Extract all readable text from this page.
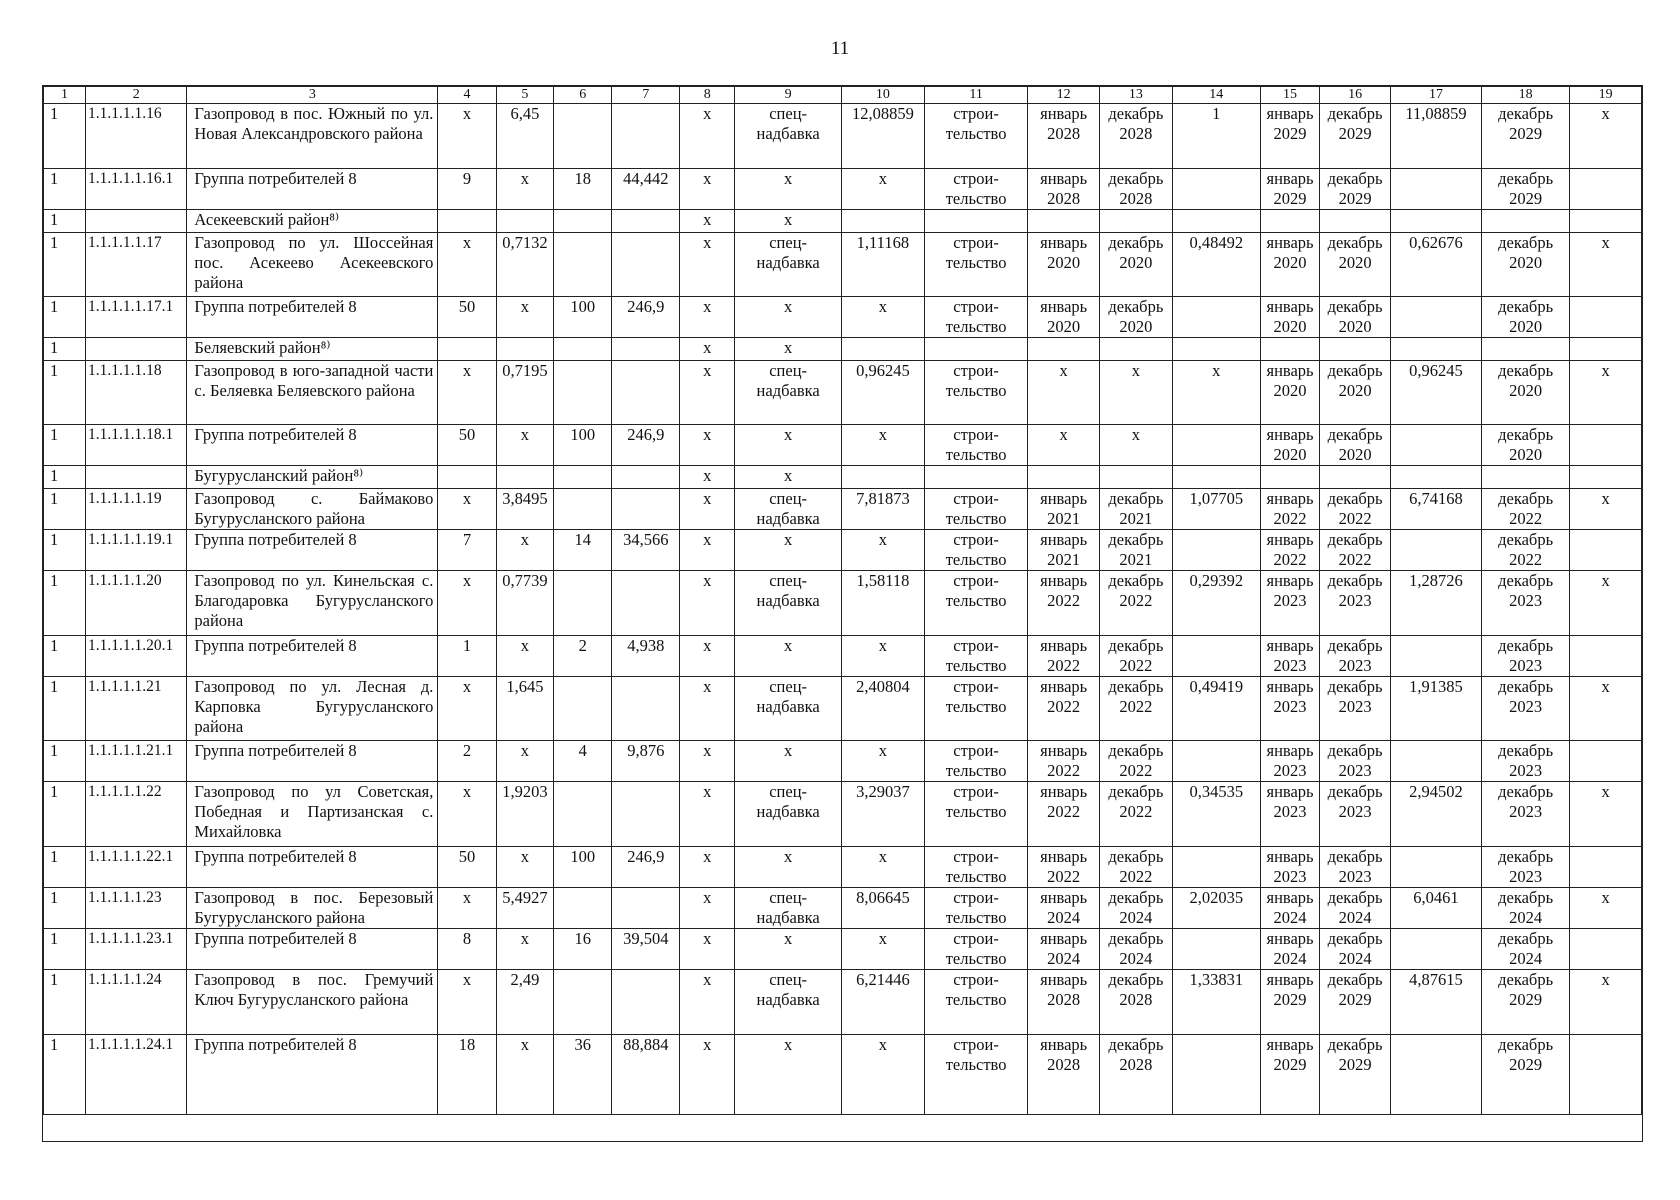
11
1	2	3	4	5	6	7	8	9	10	11	12	13	14	15	16	17	18	19
1	1.1.1.1.1.16	Газопровод в пос. Южный по ул. Новая Александровского района	x	6,45			x	спец-надбавка	12,08859	строи-тельство	январь 2028	декабрь 2028	1	январь 2029	декабрь 2029	11,08859	декабрь 2029	x
1	1.1.1.1.1.16.1	Группа потребителей 8	9	x	18	44,442	x	x	x	строи-тельство	январь 2028	декабрь 2028		январь 2029	декабрь 2029		декабрь 2029	
1		Асекеевский район⁸⁾					x	x										
1	1.1.1.1.1.17	Газопровод по ул. Шоссейная пос. Асекеево Асекеевского района	x	0,7132			x	спец-надбавка	1,11168	строи-тельство	январь 2020	декабрь 2020	0,48492	январь 2020	декабрь 2020	0,62676	декабрь 2020	x
1	1.1.1.1.1.17.1	Группа потребителей 8	50	x	100	246,9	x	x	x	строи-тельство	январь 2020	декабрь 2020		январь 2020	декабрь 2020		декабрь 2020	
1		Беляевский район⁸⁾					x	x										
1	1.1.1.1.1.18	Газопровод в юго-западной части с. Беляевка Беляевского района	x	0,7195			x	спец-надбавка	0,96245	строи-тельство	x	x	x	январь 2020	декабрь 2020	0,96245	декабрь 2020	x
1	1.1.1.1.1.18.1	Группа потребителей 8	50	x	100	246,9	x	x	x	строи-тельство	x	x		январь 2020	декабрь 2020		декабрь 2020	
1		Бугурусланский район⁸⁾					x	x										
1	1.1.1.1.1.19	Газопровод с. Баймаково Бугурусланского района	x	3,8495			x	спец-надбавка	7,81873	строи-тельство	январь 2021	декабрь 2021	1,07705	январь 2022	декабрь 2022	6,74168	декабрь 2022	x
1	1.1.1.1.1.19.1	Группа потребителей 8	7	x	14	34,566	x	x	x	строи-тельство	январь 2021	декабрь 2021		январь 2022	декабрь 2022		декабрь 2022	
1	1.1.1.1.1.20	Газопровод по ул. Кинельская с. Благодаровка Бугурусланского района	x	0,7739			x	спец-надбавка	1,58118	строи-тельство	январь 2022	декабрь 2022	0,29392	январь 2023	декабрь 2023	1,28726	декабрь 2023	x
1	1.1.1.1.1.20.1	Группа потребителей 8	1	x	2	4,938	x	x	x	строи-тельство	январь 2022	декабрь 2022		январь 2023	декабрь 2023		декабрь 2023	
1	1.1.1.1.1.21	Газопровод по ул. Лесная д. Карповка Бугурусланского района	x	1,645			x	спец-надбавка	2,40804	строи-тельство	январь 2022	декабрь 2022	0,49419	январь 2023	декабрь 2023	1,91385	декабрь 2023	x
1	1.1.1.1.1.21.1	Группа потребителей 8	2	x	4	9,876	x	x	x	строи-тельство	январь 2022	декабрь 2022		январь 2023	декабрь 2023		декабрь 2023	
1	1.1.1.1.1.22	Газопровод по ул Советская, Победная и Партизанская с. Михайловка	x	1,9203			x	спец-надбавка	3,29037	строи-тельство	январь 2022	декабрь 2022	0,34535	январь 2023	декабрь 2023	2,94502	декабрь 2023	x
1	1.1.1.1.1.22.1	Группа потребителей 8	50	x	100	246,9	x	x	x	строи-тельство	январь 2022	декабрь 2022		январь 2023	декабрь 2023		декабрь 2023	
1	1.1.1.1.1.23	Газопровод в пос. Березовый Бугурусланского района	x	5,4927			x	спец-надбавка	8,06645	строи-тельство	январь 2024	декабрь 2024	2,02035	январь 2024	декабрь 2024	6,0461	декабрь 2024	x
1	1.1.1.1.1.23.1	Группа потребителей 8	8	x	16	39,504	x	x	x	строи-тельство	январь 2024	декабрь 2024		январь 2024	декабрь 2024		декабрь 2024	
1	1.1.1.1.1.24	Газопровод в пос. Гремучий Ключ Бугурусланского района	x	2,49			x	спец-надбавка	6,21446	строи-тельство	январь 2028	декабрь 2028	1,33831	январь 2029	декабрь 2029	4,87615	декабрь 2029	x
1	1.1.1.1.1.24.1	Группа потребителей 8	18	x	36	88,884	x	x	x	строи-тельство	январь 2028	декабрь 2028		январь 2029	декабрь 2029		декабрь 2029	
